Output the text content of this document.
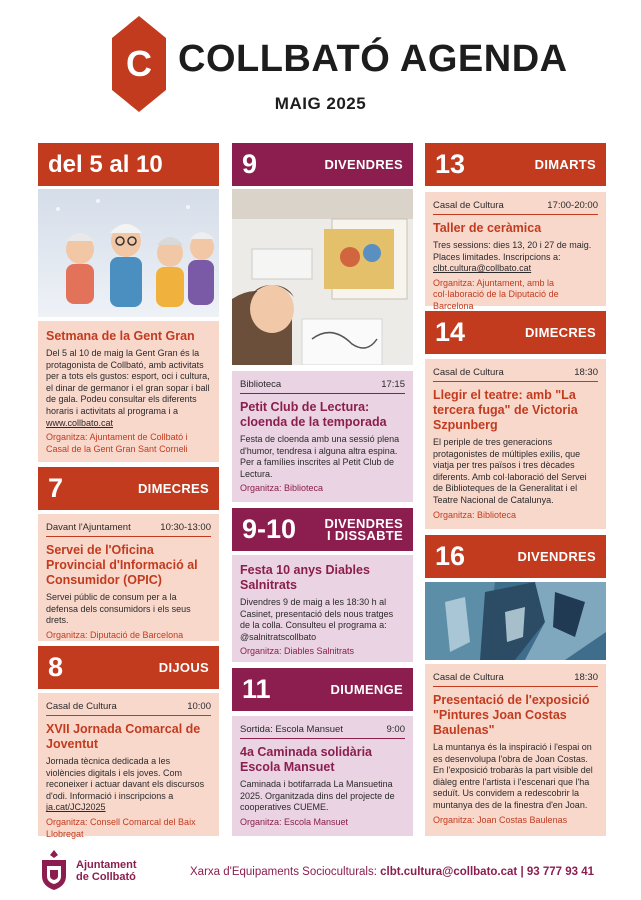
C COLLBATÓ AGENDA
MAIG 2025
del 5 al 10
Setmana de la Gent Gran
Del 5 al 10 de maig la Gent Gran és la protagonista de Collbató, amb activitats per a tots els gustos: esport, oci i cultura, el dinar de germanor i el gran sopar i ball de gala. Podeu consultar els diferents horaris i activitats al programa i a www.collbato.cat
Organitza: Ajuntament de Collbató i Casal de la Gent Gran Sant Corneli
7	DIMECRES
Davant l'Ajuntament	10:30-13:00
Servei de l'Oficina Provincial d'Informació al Consumidor (OPIC)
Servei públic de consum per a la defensa dels consumidors i els seus drets.
Organitza: Diputació de Barcelona
8	DIJOUS
Casal de Cultura	10:00
XVII Jornada Comarcal de Joventut
Jornada tècnica dedicada a les violències digitals i els joves. Com reconeixer i actuar davant els discursos d'odi. Informació i inscripcions a ja.cat/JCJ2025
Organitza: Consell Comarcal del Baix Llobregat
9	DIVENDRES
Biblioteca	17:15
Petit Club de Lectura: cloenda de la temporada
Festa de cloenda amb una sessió plena d'humor, tendresa i alguna altra espina. Per a famílies inscrites al Petit Club de Lectura.
Organitza: Biblioteca
9-10 DIVENDRES
I DISSABTE
Festa 10 anys Diables Salnitrats
Divendres 9 de maig a les 18:30 h al Casinet, presentació dels nous tratges de la colla. Consulteu el programa a: @salnitratscollbato
Organitza: Diables Salnitrats
11	DIUMENGE
Sortida: Escola Mansuet	9:00
4a Caminada solidària Escola Mansuet
Caminada i botifarrada La Mansuetina 2025. Organitzada dins del projecte de cooperatives CUEME.
Organitza: Escola Mansuet
13	DIMARTS
Casal de Cultura	17:00-20:00
Taller de ceràmica
Tres sessions: dies 13, 20 i 27 de maig. Places limitades. Inscripcions a: clbt.cultura@collbato.cat
Organitza: Ajuntament, amb la col·laboració de la Diputació de Barcelona
14	DIMECRES
Casal de Cultura	18:30
Llegir el teatre: amb "La tercera fuga" de Victoria Szpunberg
El periple de tres generacions protagonistes de múltiples exilis, que viatja per tres països i tres dècades diferents. Amb col·laboració del Servei de Biblioteques de la Generalitat i el Teatre Nacional de Catalunya.
Organitza: Biblioteca
16	DIVENDRES
Casal de Cultura	18:30
Presentació de l'exposició "Pintures Joan Costas Baulenas"
La muntanya és la inspiració i l'espai on es desenvolupa l'obra de Joan Costas. En l'exposició trobaràs la part visible del diàleg entre l'artista i l'escenari que l'ha seduït. Us convidem a redescobrir la muntanya des de la finestra d'en Joan.
Organitza: Joan Costas Baulenas
Ajuntament
de Collbató	Xarxa d'Equipaments Socioculturals: clbt.cultura@collbato.cat | 93 777 93 41
